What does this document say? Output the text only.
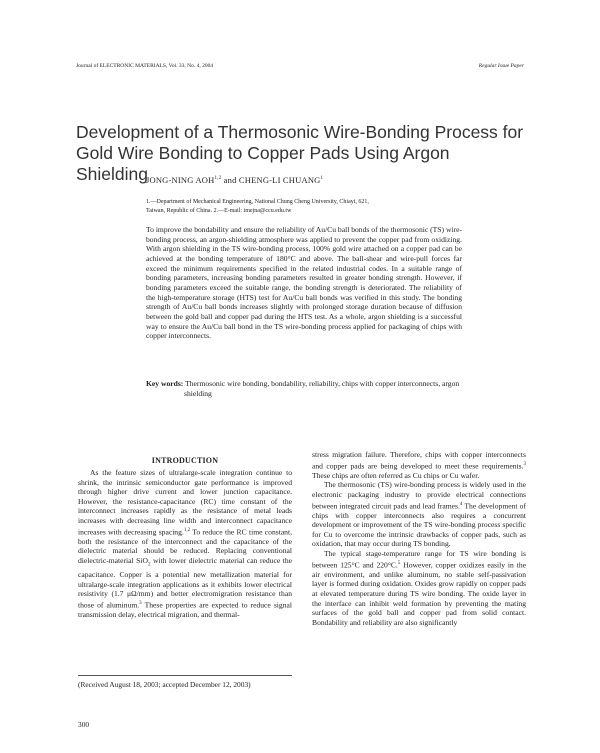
Journal of ELECTRONIC MATERIALS, Vol. 33, No. 4, 2004	Regular Issue Paper
Development of a Thermosonic Wire-Bonding Process for Gold Wire Bonding to Copper Pads Using Argon Shielding
JONG-NING AOH$^{1,2}$ and CHENG-LI CHUANG$^1$
1.—Department of Mechanical Engineering, National Chung Cheng University, Chiayi, 621,
Taiwan, Republic of China. 2.—E-mail: imejna@ccu.edu.tw
To improve the bondability and ensure the reliability of Au/Cu ball bonds of the thermosonic (TS) wire-bonding process, an argon-shielding atmosphere was applied to prevent the copper pad from oxidizing. With argon shielding in the TS wire-bonding process, 100% gold wire attached on a copper pad can be achieved at the bonding temperature of 180°C and above. The ball-shear and wire-pull forces far exceed the minimum requirements specified in the related industrial codes. In a suitable range of bonding parameters, increasing bonding parameters resulted in greater bonding strength. However, if bonding parameters exceed the suitable range, the bonding strength is deteriorated. The reliability of the high-temperature storage (HTS) test for Au/Cu ball bonds was verified in this study. The bonding strength of Au/Cu ball bonds increases slightly with prolonged storage duration because of diffusion between the gold ball and copper pad during the HTS test. As a whole, argon shielding is a successful way to ensure the Au/Cu ball bond in the TS wire-bonding process applied for packaging of chips with copper interconnects.
Key words: Thermosonic wire bonding, bondability, reliability, chips with copper interconnects, argon shielding
INTRODUCTION

As the feature sizes of ultralarge-scale integration continue to shrink, the intrinsic semiconductor gate performance is improved through higher drive current and lower junction capacitance. However, the resistance-capacitance (RC) time constant of the interconnect increases rapidly as the resistance of metal leads increases with decreasing line width and interconnect capacitance increases with decreasing spacing.$^{1,2}$ To reduce the RC time constant, both the resistance of the interconnect and the capacitance of the dielectric material should be reduced. Replacing conventional dielectric-material SiO$_2$ with lower dielectric material can reduce the capacitance. Copper is a potential new metallization material for ultralarge-scale integration applications as it exhibits lower electrical resistivity (1.7 μΩ/mm) and better electromigration resistance than those of aluminum.$^3$ These properties are expected to reduce signal transmission delay, electrical migration, and thermal-

stress migration failure. Therefore, chips with copper interconnects and copper pads are being developed to meet these requirements.$^3$ These chips are often referred as Cu chips or Cu wafer.

The thermosonic (TS) wire-bonding process is widely used in the electronic packaging industry to provide electrical connections between integrated circuit pads and lead frames.$^4$ The development of chips with copper interconnects also requires a concurrent development or improvement of the TS wire-bonding process specific for Cu to overcome the intrinsic drawbacks of copper pads, such as oxidation, that may occur during TS bonding.

The typical stage-temperature range for TS wire bonding is between 125°C and 220°C.$^5$ However, copper oxidizes easily in the air environment, and unlike aluminum, no stable self-passivation layer is formed during oxidation. Oxides grow rapidly on copper pads at elevated temperature during TS wire bonding. The oxide layer in the interface can inhibit weld formation by preventing the mating surfaces of the gold ball and copper pad from solid contact. Bondability and reliability are also significantly

(Received August 18, 2003; accepted December 12, 2003)
300
